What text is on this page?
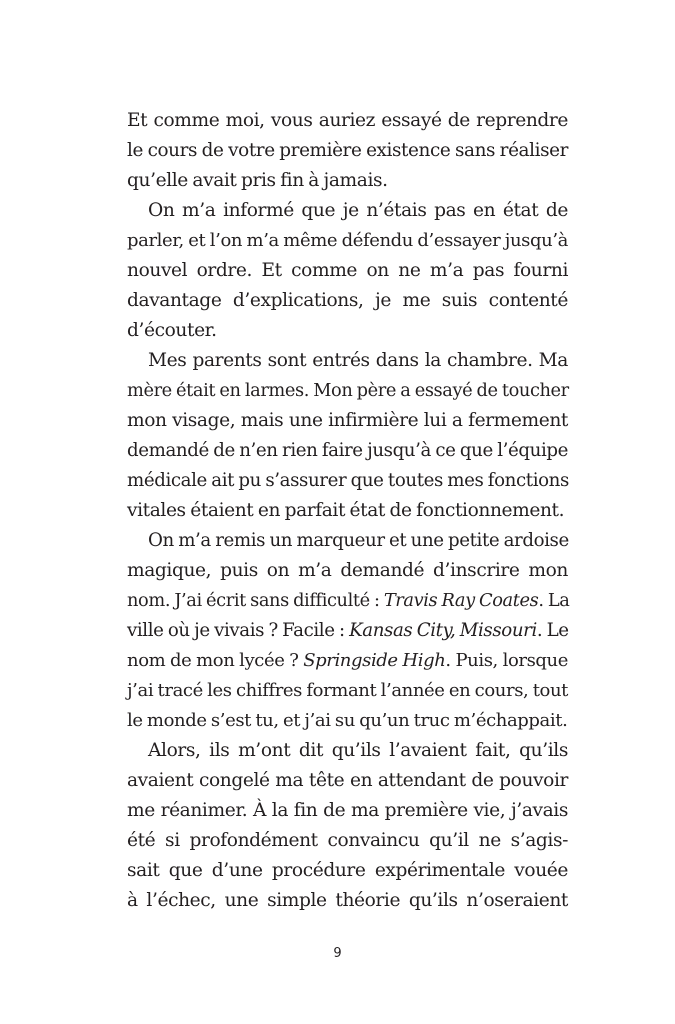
Et comme moi, vous auriez essayé de reprendre
le cours de votre première existence sans réaliser
qu’elle avait pris fin à jamais.
On m’a informé que je n’étais pas en état de
parler, et l’on m’a même défendu d’essayer jusqu’à
nouvel ordre. Et comme on ne m’a pas fourni
davantage d’explications, je me suis contenté
d’écouter.
Mes parents sont entrés dans la chambre. Ma
mère était en larmes. Mon père a essayé de toucher
mon visage, mais une infirmière lui a fermement
demandé de n’en rien faire jusqu’à ce que l’équipe
médicale ait pu s’assurer que toutes mes fonctions
vitales étaient en parfait état de fonctionnement.
On m’a remis un marqueur et une petite ardoise
magique, puis on m’a demandé d’inscrire mon
nom. J’ai écrit sans difficulté : Travis Ray Coates. La
ville où je vivais ? Facile : Kansas City, Missouri. Le
nom de mon lycée ? Springside High. Puis, lorsque
j’ai tracé les chiffres formant l’année en cours, tout
le monde s’est tu, et j’ai su qu’un truc m’échappait.
Alors, ils m’ont dit qu’ils l’avaient fait, qu’ils
avaient congelé ma tête en attendant de pouvoir
me réanimer. À la fin de ma première vie, j’avais
été si profondément convaincu qu’il ne s’agis-
sait que d’une procédure expérimentale vouée
à l’échec, une simple théorie qu’ils n’oseraient
9
